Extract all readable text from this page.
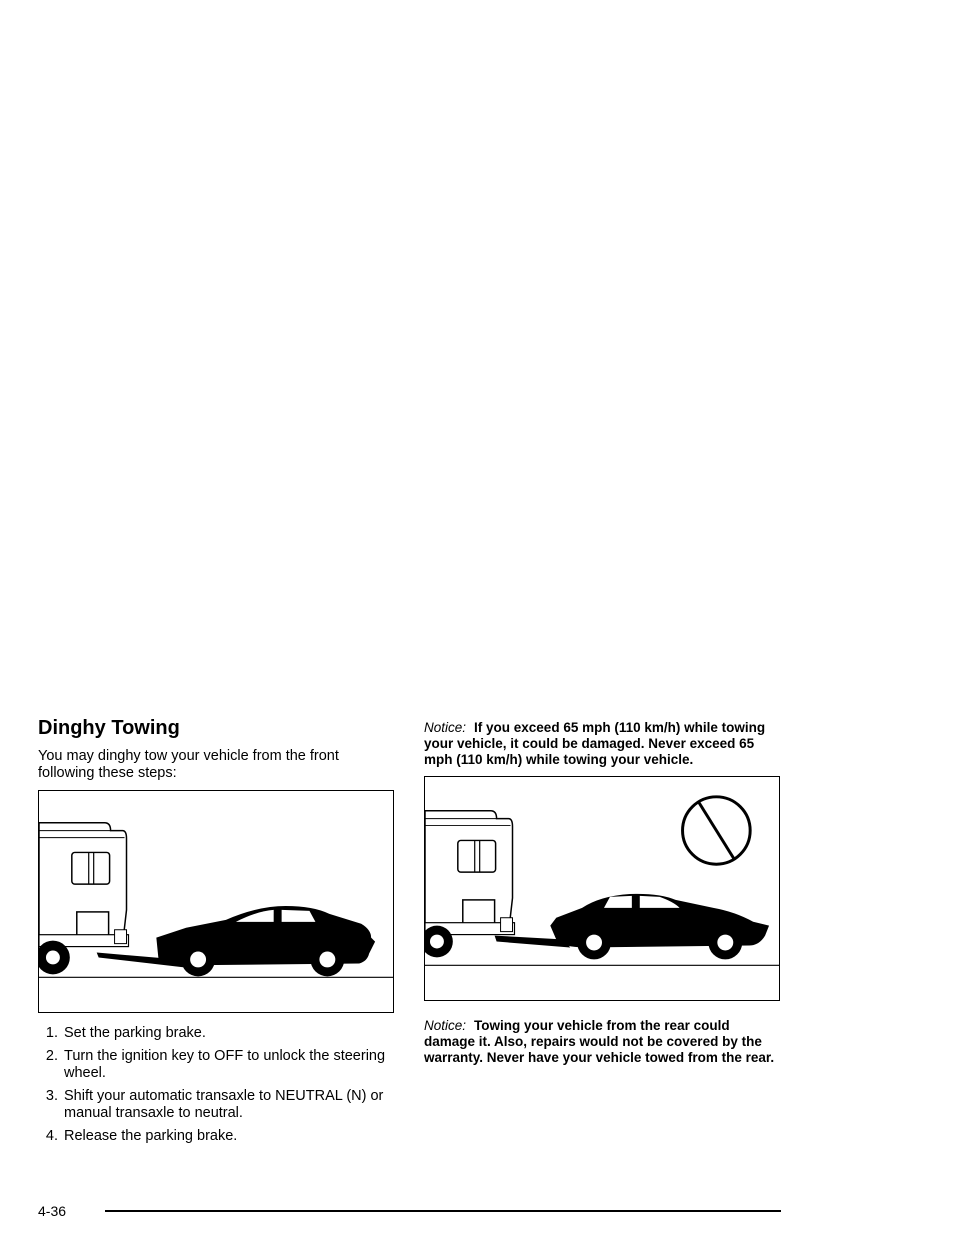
Dinghy Towing

You may dinghy tow your vehicle from the front following these steps:

1. Set the parking brake.
2. Turn the ignition key to OFF to unlock the steering wheel.
3. Shift your automatic transaxle to NEUTRAL (N) or manual transaxle to neutral.
4. Release the parking brake.

Notice: If you exceed 65 mph (110 km/h) while towing your vehicle, it could be damaged. Never exceed 65 mph (110 km/h) while towing your vehicle.

Notice: Towing your vehicle from the rear could damage it. Also, repairs would not be covered by the warranty. Never have your vehicle towed from the rear.

4-36
